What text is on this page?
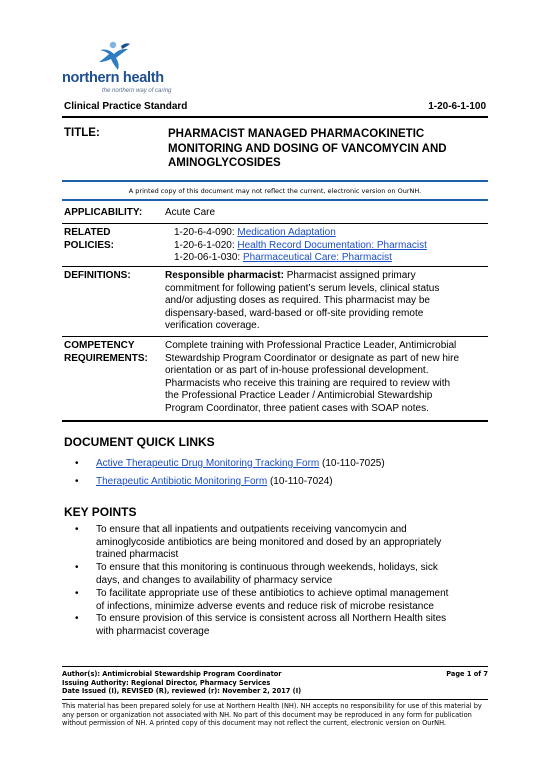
northern health
the northern way of caring
Clinical Practice Standard	1-20-6-1-100
TITLE:	PHARMACIST MANAGED PHARMACOKINETIC
MONITORING AND DOSING OF VANCOMYCIN AND
AMINOGLYCOSIDES
A printed copy of this document may not reflect the current, electronic version on OurNH.
APPLICABILITY: Acute Care
RELATED
POLICIES:
1-20-6-4-090: Medication Adaptation
1-20-6-1-020: Health Record Documentation: Pharmacist
1-20-06-1-030: Pharmaceutical Care: Pharmacist
DEFINITIONS:	Responsible pharmacist: Pharmacist assigned primary
commitment for following patient’s serum levels, clinical status
and/or adjusting doses as required. This pharmacist may be
dispensary-based, ward-based or off-site providing remote
verification coverage.
COMPETENCY
REQUIREMENTS:
Complete training with Professional Practice Leader, Antimicrobial
Stewardship Program Coordinator or designate as part of new hire
orientation or as part of in-house professional development.
Pharmacists who receive this training are required to review with
the Professional Practice Leader / Antimicrobial Stewardship
Program Coordinator, three patient cases with SOAP notes.
DOCUMENT QUICK LINKS
• Active Therapeutic Drug Monitoring Tracking Form (10-110-7025)
• Therapeutic Antibiotic Monitoring Form (10-110-7024)
KEY POINTS
• To ensure that all inpatients and outpatients receiving vancomycin and
aminoglycoside antibiotics are being monitored and dosed by an appropriately
trained pharmacist
• To ensure that this monitoring is continuous through weekends, holidays, sick
days, and changes to availability of pharmacy service
• To facilitate appropriate use of these antibiotics to achieve optimal management
of infections, minimize adverse events and reduce risk of microbe resistance
• To ensure provision of this service is consistent across all Northern Health sites
with pharmacist coverage
Author(s): Antimicrobial Stewardship Program Coordinator	Page 1 of 7
Issuing Authority: Regional Director, Pharmacy Services
Date Issued (I), REVISED (R), reviewed (r): November 2, 2017 (I)
This material has been prepared solely for use at Northern Health (NH). NH accepts no responsibility for use of this material by
any person or organization not associated with NH. No part of this document may be reproduced in any form for publication
without permission of NH. A printed copy of this document may not reflect the current, electronic version on OurNH.
